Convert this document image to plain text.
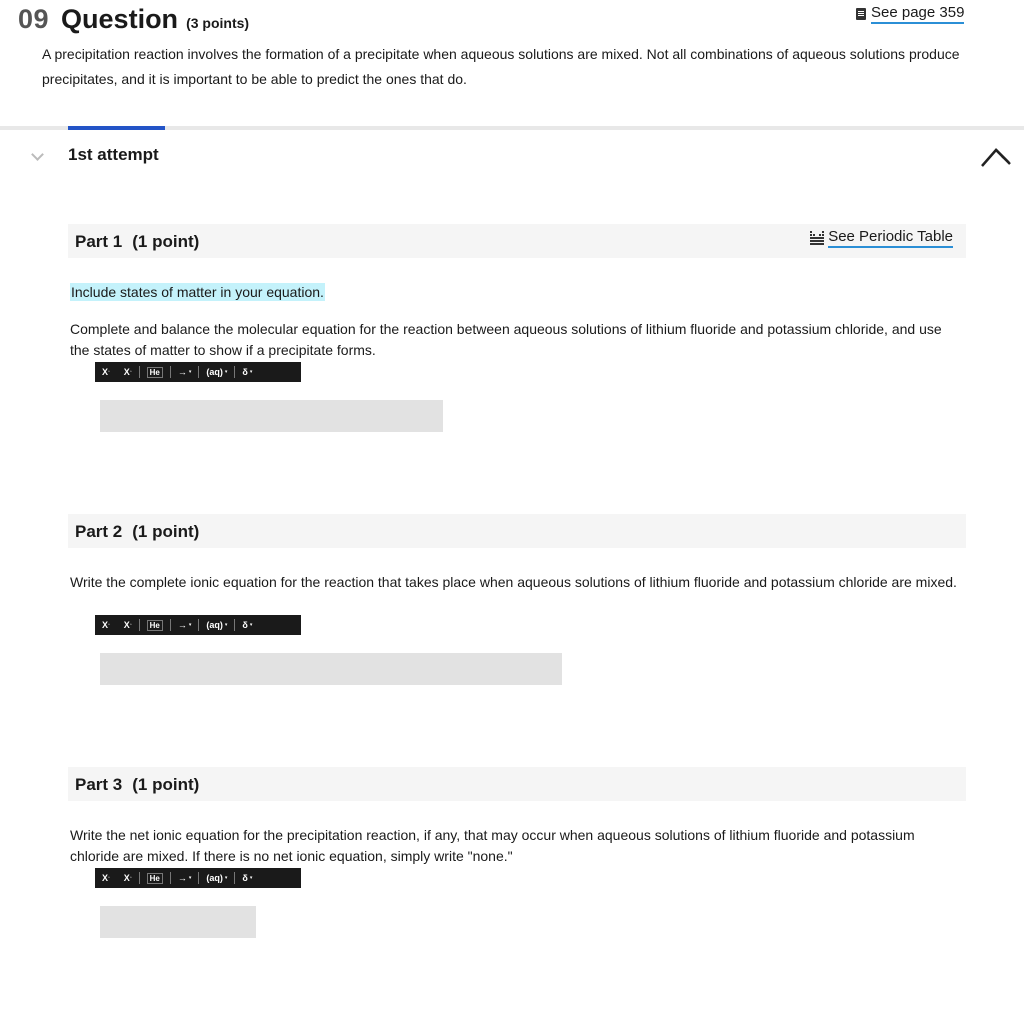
09 Question (3 points)
See page 359

A precipitation reaction involves the formation of a precipitate when aqueous solutions are mixed. Not all combinations of aqueous solutions produce precipitates, and it is important to be able to predict the ones that do.

1st attempt
Part 1 (1 point)	See Periodic Table
Include states of matter in your equation.

Complete and balance the molecular equation for the reaction between aqueous solutions of lithium fluoride and potassium chloride, and use the states of matter to show if a precipitate forms.

X ▫ X ▫	He	→ ▾ (aq) ▾ δ ▾
Part 2 (1 point)

Write the complete ionic equation for the reaction that takes place when aqueous solutions of lithium fluoride and potassium chloride are mixed.

X ▫ X ▫	He	→ ▾ (aq) ▾ δ ▾
Part 3 (1 point)

Write the net ionic equation for the precipitation reaction, if any, that may occur when aqueous solutions of lithium fluoride and potassium chloride are mixed. If there is no net ionic equation, simply write "none."

X ▫ X ▫	He	→ ▾ (aq) ▾ δ ▾
